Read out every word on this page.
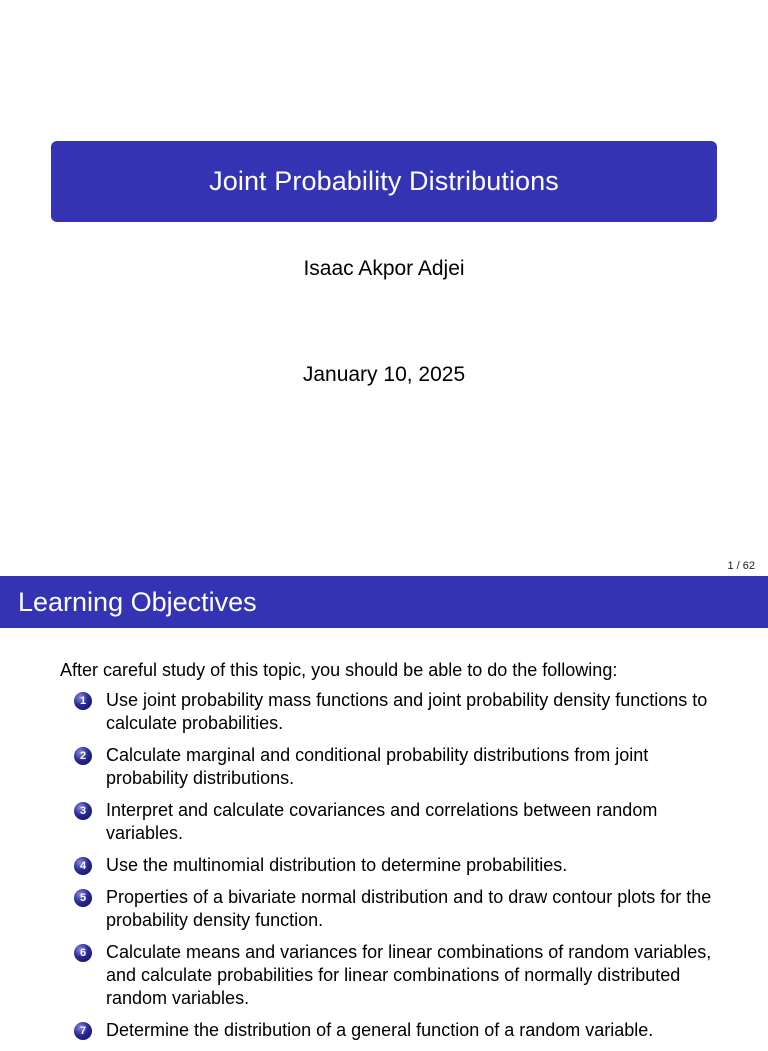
Joint Probability Distributions
Isaac Akpor Adjei
January 10, 2025
1 / 62
Learning Objectives
After careful study of this topic, you should be able to do the following:
1	Use joint probability mass functions and joint probability density functions to calculate probabilities.
2	Calculate marginal and conditional probability distributions from joint probability distributions.
3	Interpret and calculate covariances and correlations between random variables.
4	Use the multinomial distribution to determine probabilities.
5	Properties of a bivariate normal distribution and to draw contour plots for the probability density function.
6	Calculate means and variances for linear combinations of random variables, and calculate probabilities for linear combinations of normally distributed random variables.
7	Determine the distribution of a general function of a random variable.
